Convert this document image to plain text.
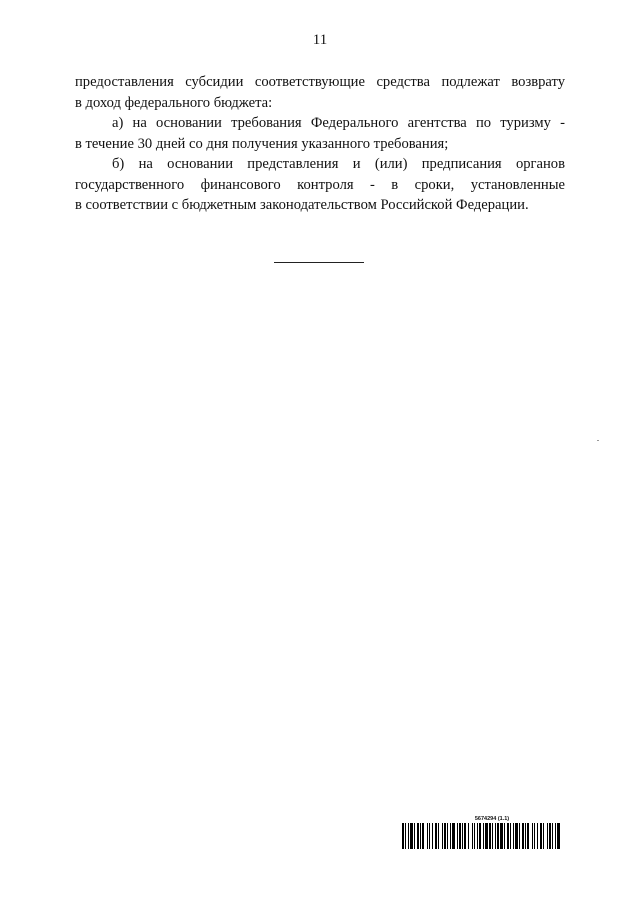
11

предоставления субсидии соответствующие средства подлежат возврату
в доход федерального бюджета:

а) на основании требования Федерального агентства по туризму -
в течение 30 дней со дня получения указанного требования;

б) на основании представления и (или) предписания органов
государственного финансового контроля - в сроки, установленные
в соответствии с бюджетным законодательством Российской Федерации.

5674294 (1.1)
